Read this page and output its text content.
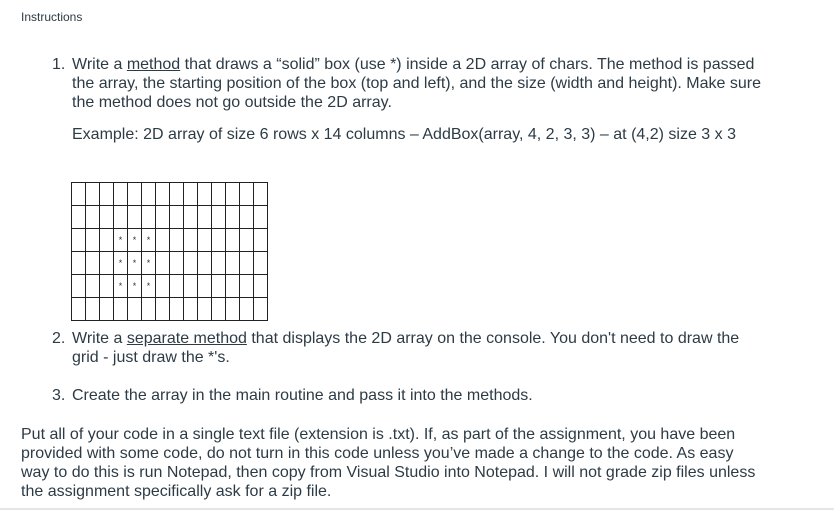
Instructions
1. Write a method that draws a “solid” box (use *) inside a 2D array of chars. The method is passed the array, the starting position of the box (top and left), and the size (width and height). Make sure the method does not go outside the 2D array.
Example: 2D array of size 6 rows x 14 columns – AddBox(array, 4, 2, 3, 3) – at (4,2) size 3 x 3
*	*	*
*	*	*
*	*	*
2. Write a separate method that displays the 2D array on the console. You don't need to draw the grid - just draw the *'s.
3. Create the array in the main routine and pass it into the methods.
Put all of your code in a single text file (extension is .txt). If, as part of the assignment, you have been provided with some code, do not turn in this code unless you’ve made a change to the code. As easy way to do this is run Notepad, then copy from Visual Studio into Notepad. I will not grade zip files unless the assignment specifically ask for a zip file.
